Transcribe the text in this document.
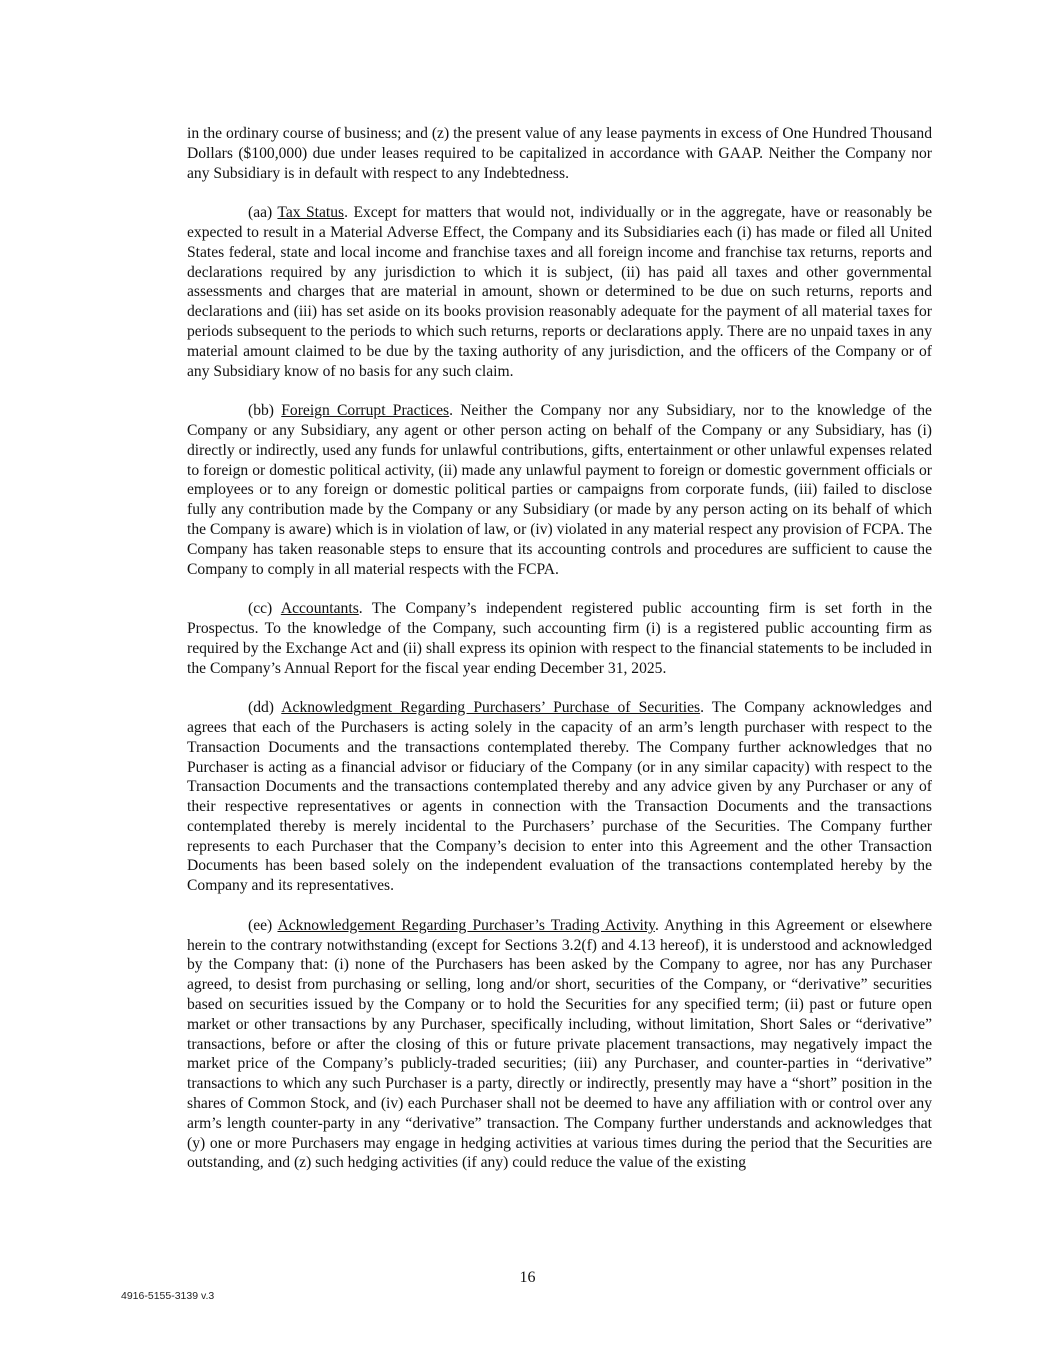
in the ordinary course of business; and (z) the present value of any lease payments in excess of One Hundred Thousand Dollars ($100,000) due under leases required to be capitalized in accordance with GAAP. Neither the Company nor any Subsidiary is in default with respect to any Indebtedness.

(aa) Tax Status. Except for matters that would not, individually or in the aggregate, have or reasonably be expected to result in a Material Adverse Effect, the Company and its Subsidiaries each (i) has made or filed all United States federal, state and local income and franchise taxes and all foreign income and franchise tax returns, reports and declarations required by any jurisdiction to which it is subject, (ii) has paid all taxes and other governmental assessments and charges that are material in amount, shown or determined to be due on such returns, reports and declarations and (iii) has set aside on its books provision reasonably adequate for the payment of all material taxes for periods subsequent to the periods to which such returns, reports or declarations apply. There are no unpaid taxes in any material amount claimed to be due by the taxing authority of any jurisdiction, and the officers of the Company or of any Subsidiary know of no basis for any such claim.

(bb) Foreign Corrupt Practices. Neither the Company nor any Subsidiary, nor to the knowledge of the Company or any Subsidiary, any agent or other person acting on behalf of the Company or any Subsidiary, has (i) directly or indirectly, used any funds for unlawful contributions, gifts, entertainment or other unlawful expenses related to foreign or domestic political activity, (ii) made any unlawful payment to foreign or domestic government officials or employees or to any foreign or domestic political parties or campaigns from corporate funds, (iii) failed to disclose fully any contribution made by the Company or any Subsidiary (or made by any person acting on its behalf of which the Company is aware) which is in violation of law, or (iv) violated in any material respect any provision of FCPA. The Company has taken reasonable steps to ensure that its accounting controls and procedures are sufficient to cause the Company to comply in all material respects with the FCPA.

(cc) Accountants. The Company’s independent registered public accounting firm is set forth in the Prospectus. To the knowledge of the Company, such accounting firm (i) is a registered public accounting firm as required by the Exchange Act and (ii) shall express its opinion with respect to the financial statements to be included in the Company’s Annual Report for the fiscal year ending December 31, 2025.

(dd) Acknowledgment Regarding Purchasers’ Purchase of Securities. The Company acknowledges and agrees that each of the Purchasers is acting solely in the capacity of an arm’s length purchaser with respect to the Transaction Documents and the transactions contemplated thereby. The Company further acknowledges that no Purchaser is acting as a financial advisor or fiduciary of the Company (or in any similar capacity) with respect to the Transaction Documents and the transactions contemplated thereby and any advice given by any Purchaser or any of their respective representatives or agents in connection with the Transaction Documents and the transactions contemplated thereby is merely incidental to the Purchasers’ purchase of the Securities. The Company further represents to each Purchaser that the Company’s decision to enter into this Agreement and the other Transaction Documents has been based solely on the independent evaluation of the transactions contemplated hereby by the Company and its representatives.

(ee) Acknowledgement Regarding Purchaser’s Trading Activity. Anything in this Agreement or elsewhere herein to the contrary notwithstanding (except for Sections 3.2(f) and 4.13 hereof), it is understood and acknowledged by the Company that: (i) none of the Purchasers has been asked by the Company to agree, nor has any Purchaser agreed, to desist from purchasing or selling, long and/or short, securities of the Company, or “derivative” securities based on securities issued by the Company or to hold the Securities for any specified term; (ii) past or future open market or other transactions by any Purchaser, specifically including, without limitation, Short Sales or “derivative” transactions, before or after the closing of this or future private placement transactions, may negatively impact the market price of the Company’s publicly-traded securities; (iii) any Purchaser, and counter-parties in “derivative” transactions to which any such Purchaser is a party, directly or indirectly, presently may have a “short” position in the shares of Common Stock, and (iv) each Purchaser shall not be deemed to have any affiliation with or control over any arm’s length counter-party in any “derivative” transaction. The Company further understands and acknowledges that (y) one or more Purchasers may engage in hedging activities at various times during the period that the Securities are outstanding, and (z) such hedging activities (if any) could reduce the value of the existing

16
4916-5155-3139 v.3
